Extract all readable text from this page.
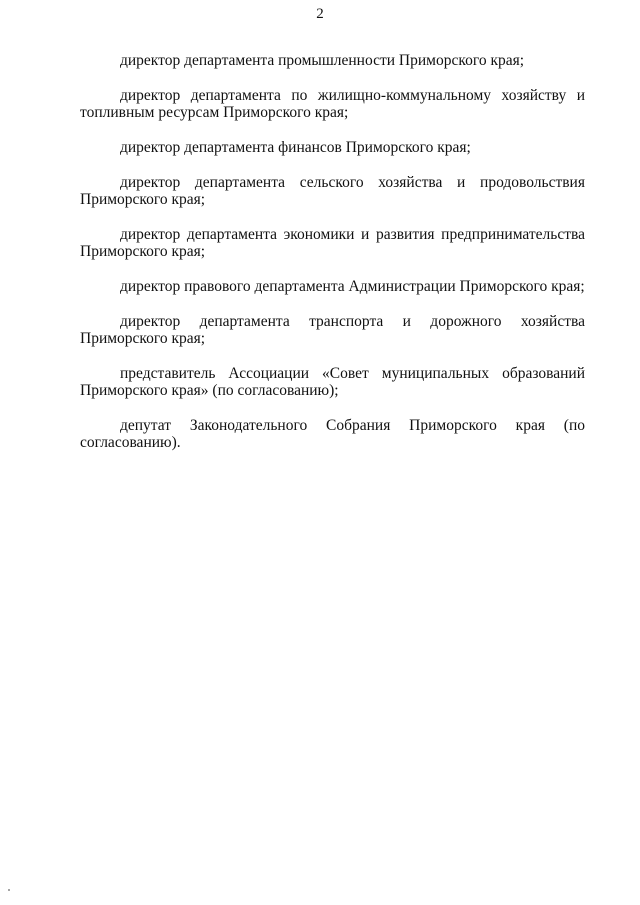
2

директор департамента промышленности Приморского края;

директор департамента по жилищно-коммунальному хозяйству и топливным ресурсам Приморского края;

директор департамента финансов Приморского края;

директор департамента сельского хозяйства и продовольствия Приморского края;

директор департамента экономики и развития предпринимательства Приморского края;

директор правового департамента Администрации Приморского края;

директор департамента транспорта и дорожного хозяйства Приморского края;

представитель Ассоциации «Совет муниципальных образований Приморского края» (по согласованию);

депутат Законодательного Собрания Приморского края (по согласованию).
